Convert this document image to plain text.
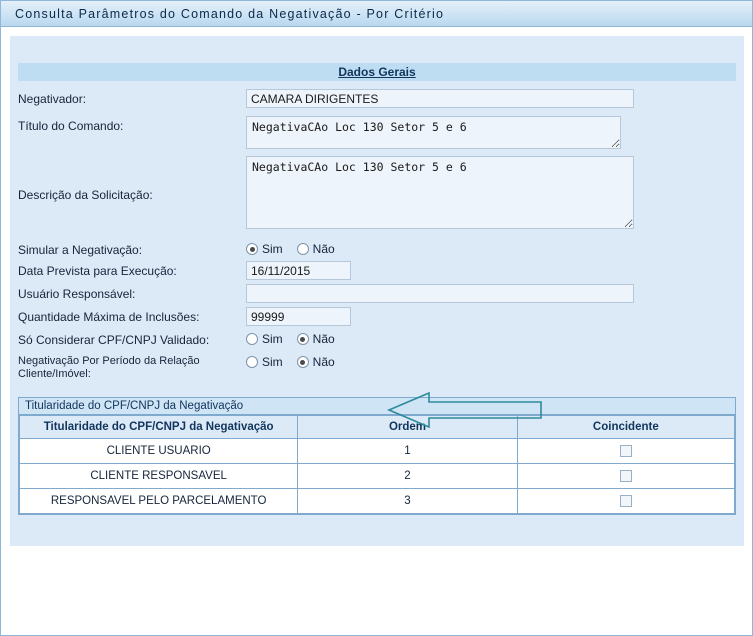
Consulta Parâmetros do Comando da Negativação - Por Critério
Dados Gerais
Negativador:
CAMARA DIRIGENTES
Título do Comando:
NegativaCAo Loc 130 Setor 5 e 6
Descrição da Solicitação:
NegativaCAo Loc 130 Setor 5 e 6
Simular a Negativação:	Sim	Não
Data Prevista para Execução:
16/11/2015
Usuário Responsável:
Quantidade Máxima de Inclusões:
99999
Só Considerar CPF/CNPJ Validado:	Sim	Não
Negativação Por Período da Relação
Cliente/Imóvel:
Sim	Não
Titularidade do CPF/CNPJ da Negativação
Titularidade do CPF/CNPJ da Negativação	Ordem	Coincidente
CLIENTE USUARIO	1	
CLIENTE RESPONSAVEL	2	
RESPONSAVEL PELO PARCELAMENTO	3	
